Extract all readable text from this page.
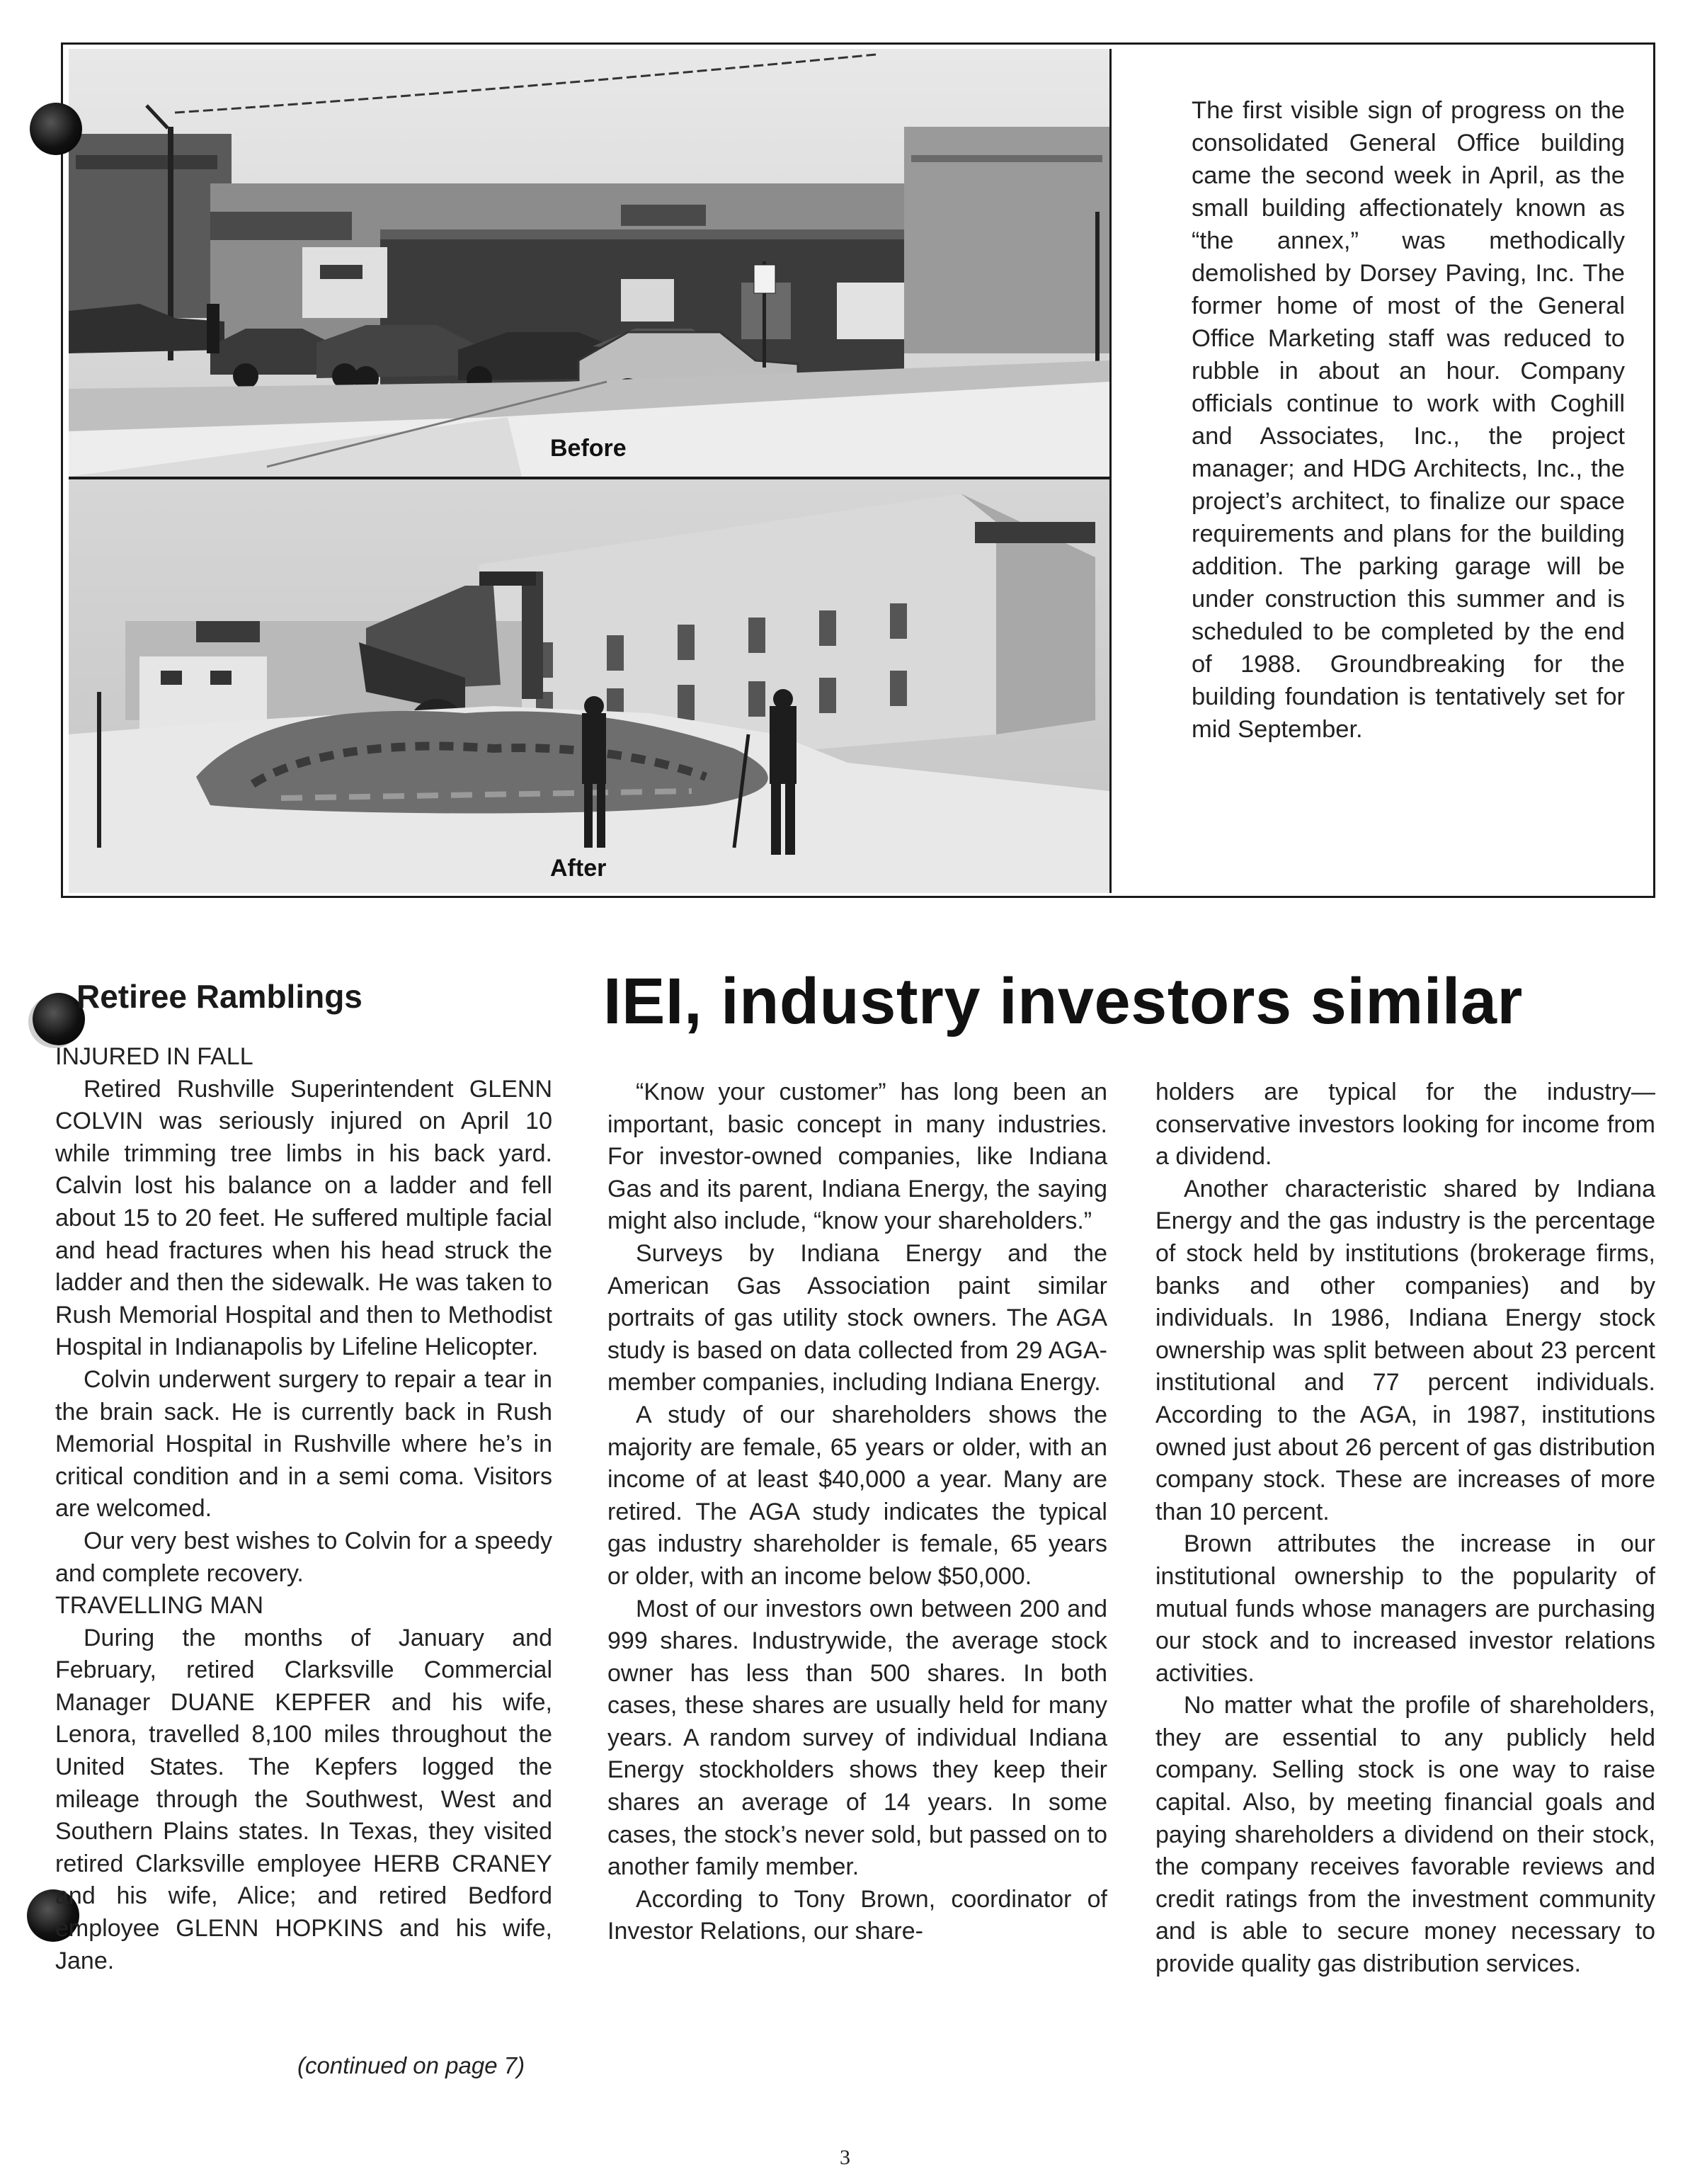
Before
After

The first visible sign of progress on the consolidated General Office building came the second week in April, as the small building affectionately known as “the annex,” was methodically demolished by Dorsey Paving, Inc. The former home of most of the General Office Marketing staff was reduced to rubble in about an hour. Company officials continue to work with Coghill and Associates, Inc., the project manager; and HDG Architects, Inc., the project’s architect, to finalize our space requirements and plans for the building addition. The parking garage will be under construction this summer and is scheduled to be completed by the end of 1988. Groundbreaking for the building foundation is tentatively set for mid September.

Retiree Ramblings

INJURED IN FALL

Retired Rushville Superintendent GLENN COLVIN was seriously injured on April 10 while trimming tree limbs in his back yard. Calvin lost his balance on a ladder and fell about 15 to 20 feet. He suffered multiple facial and head fractures when his head struck the ladder and then the sidewalk. He was taken to Rush Memorial Hospital and then to Methodist Hospital in Indianapolis by Lifeline Helicopter.

Colvin underwent surgery to repair a tear in the brain sack. He is currently back in Rush Memorial Hospital in Rushville where he’s in critical condition and in a semi coma. Visitors are welcomed.

Our very best wishes to Colvin for a speedy and complete recovery.

TRAVELLING MAN

During the months of January and February, retired Clarksville Commercial Manager DUANE KEPFER and his wife, Lenora, travelled 8,100 miles throughout the United States. The Kepfers logged the mileage through the Southwest, West and Southern Plains states. In Texas, they visited retired Clarksville employee HERB CRANEY and his wife, Alice; and retired Bedford employee GLENN HOPKINS and his wife, Jane.

(continued on page 7)
IEI, industry investors similar

“Know your customer” has long been an important, basic concept in many industries. For investor-owned companies, like Indiana Gas and its parent, Indiana Energy, the saying might also include, “know your shareholders.”

Surveys by Indiana Energy and the American Gas Association paint similar portraits of gas utility stock owners. The AGA study is based on data collected from 29 AGA-member companies, including Indiana Energy.

A study of our shareholders shows the majority are female, 65 years or older, with an income of at least $40,000 a year. Many are retired. The AGA study indicates the typical gas industry shareholder is female, 65 years or older, with an income below $50,000.

Most of our investors own between 200 and 999 shares. Industrywide, the average stock owner has less than 500 shares. In both cases, these shares are usually held for many years. A random survey of individual Indiana Energy stockholders shows they keep their shares an average of 14 years. In some cases, the stock’s never sold, but passed on to another family member.

According to Tony Brown, coordinator of Investor Relations, our share-

holders are typical for the industry—conservative investors looking for income from a dividend.

Another characteristic shared by Indiana Energy and the gas industry is the percentage of stock held by institutions (brokerage firms, banks and other companies) and by individuals. In 1986, Indiana Energy stock ownership was split between about 23 percent institutional and 77 percent individuals. According to the AGA, in 1987, institutions owned just about 26 percent of gas distribution company stock. These are increases of more than 10 percent.

Brown attributes the increase in our institutional ownership to the popularity of mutual funds whose managers are purchasing our stock and to increased investor relations activities.

No matter what the profile of shareholders, they are essential to any publicly held company. Selling stock is one way to raise capital. Also, by meeting financial goals and paying shareholders a dividend on their stock, the company receives favorable reviews and credit ratings from the investment community and is able to secure money necessary to provide quality gas distribution services.

3
